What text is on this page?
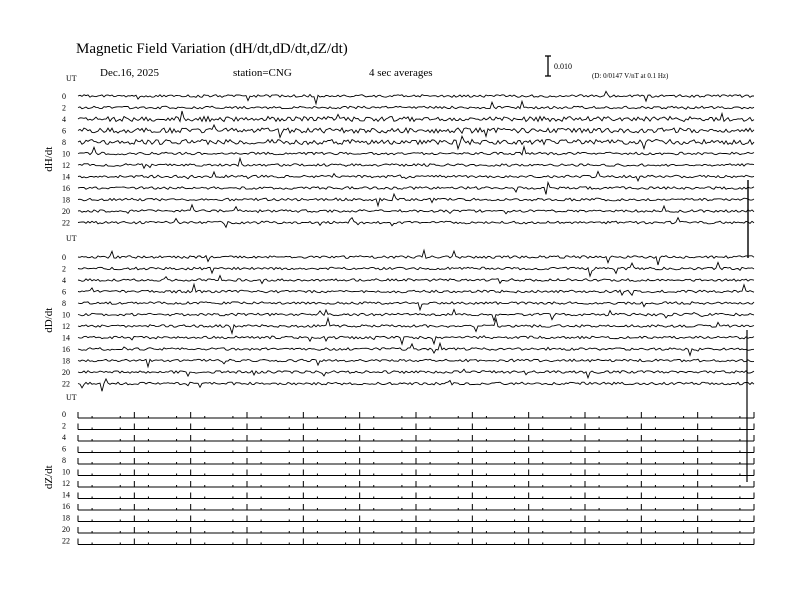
Magnetic Field Variation (dH/dt,dD/dt,dZ/dt)
Dec.16, 2025	station=CNG	4 sec averages
0.010
(D: 0/0147 V/nT at 0.1 Hz)
UT
dH/dt
0
2
4
6
8
10
12
14
16
18
20
22
UT
dD/dt
0
2
4
6
8
10
12
14
16
18
20
22
UT
dZ/dt
0
2
4
6
8
10
12
14
16
18
20
22
